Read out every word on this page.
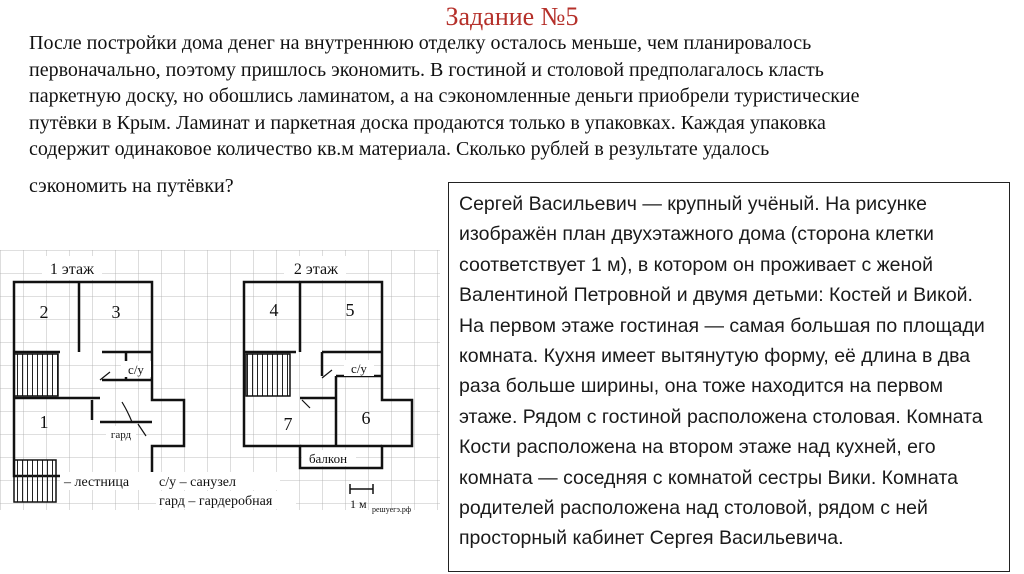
Задание №5

После постройки дома денег на внутреннюю отделку осталось меньше, чем планировалось

первоначально, поэтому пришлось экономить. В гостиной и столовой предполагалось класть

паркетную доску, но обошлись ламинатом, а на сэкономленные деньги приобрели туристические

путёвки в Крым. Ламинат и паркетная доска продаются только в упаковках. Каждая упаковка

содержит одинаковое количество кв.м материала. Сколько рублей в результате удалось

сэкономить на путёвки?

1 этаж	2 этаж
2	3
1
4	5
7	6
с/у	с/у
гард
балкон
– лестница с/у – санузел
гард – гардеробная	1 м решуегэ.рф
Сергей Васильевич — крупный учёный. На рисунке изображён план двухэтажного дома (сторона клетки соответствует 1 м), в котором он проживает с женой Валентиной Петровной и двумя детьми: Костей и Викой. На первом этаже гостиная — самая большая по площади комната. Кухня имеет вытянутую форму, её длина в два раза больше ширины, она тоже находится на первом этаже. Рядом с гостиной расположена столовая. Комната Кости расположена на втором этаже над кухней, его комната — соседняя с комнатой сестры Вики. Комната родителей расположена над столовой, рядом с ней просторный кабинет Сергея Васильевича.
